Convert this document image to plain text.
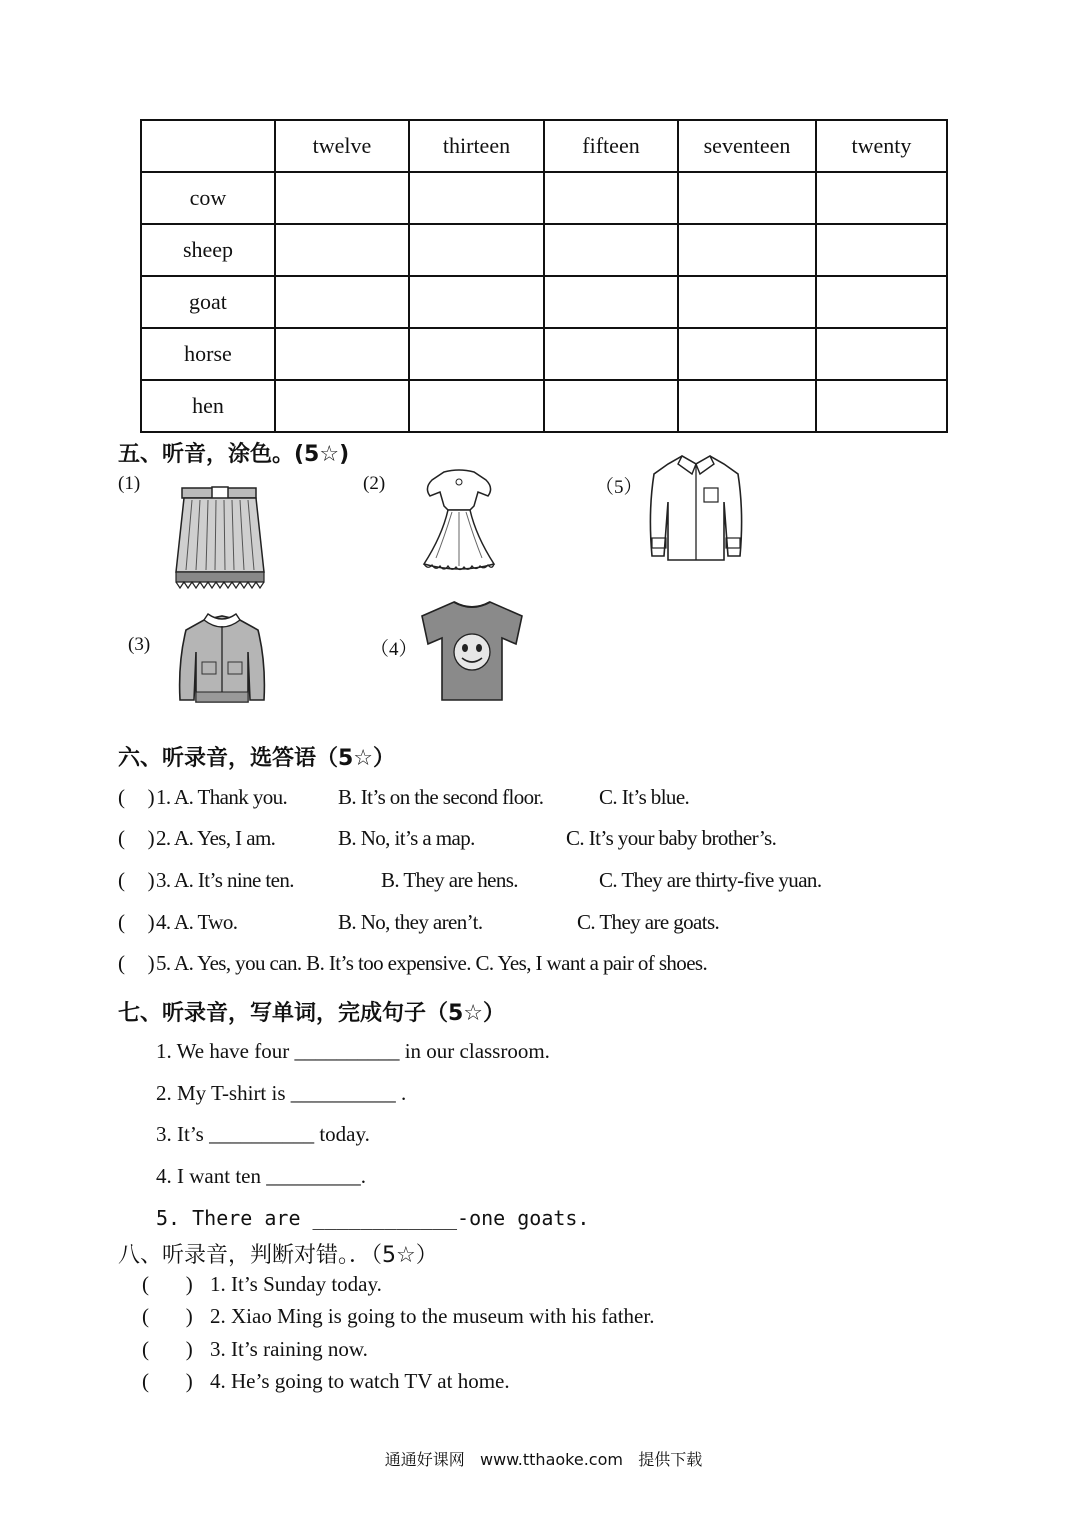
	twelve	thirteen	fifteen	seventeen	twenty
cow					
sheep					
goat					
horse					
hen					
五、听音，涂色。(5☆)
(1)	(2)	（5）
(3)	（4）
六、听录音，选答语（5☆）
(     ) 1. A. Thank you. B. It’s on the second floor.	C. It’s blue.
(     ) 2. A. Yes, I am.	B. No, it’s a map.	C. It’s your baby brother’s.
(     ) 3. A. It’s nine ten.	B. They are hens.	C. They are thirty-five yuan.
(     ) 4. A. Two.	B. No, they aren’t.	C. They are goats.
(     ) 5. A. Yes, you can. B. It’s too expensive. C. Yes, I want a pair of shoes.
七、听录音，写单词，完成句子（5☆）
1. We have four __________ in our classroom.
2. My T-shirt is __________ .
3. It’s __________ today.
4. I want ten _________.
5. There are ____________-one goats.
八、听录音，判断对错。．（5☆）
(       ) 1. It’s Sunday today.
(       ) 2. Xiao Ming is going to the museum with his father.
(       ) 3. It’s raining now.
(       ) 4. He’s going to watch TV at home.
通通好课网   www.tthaoke.com   提供下载
